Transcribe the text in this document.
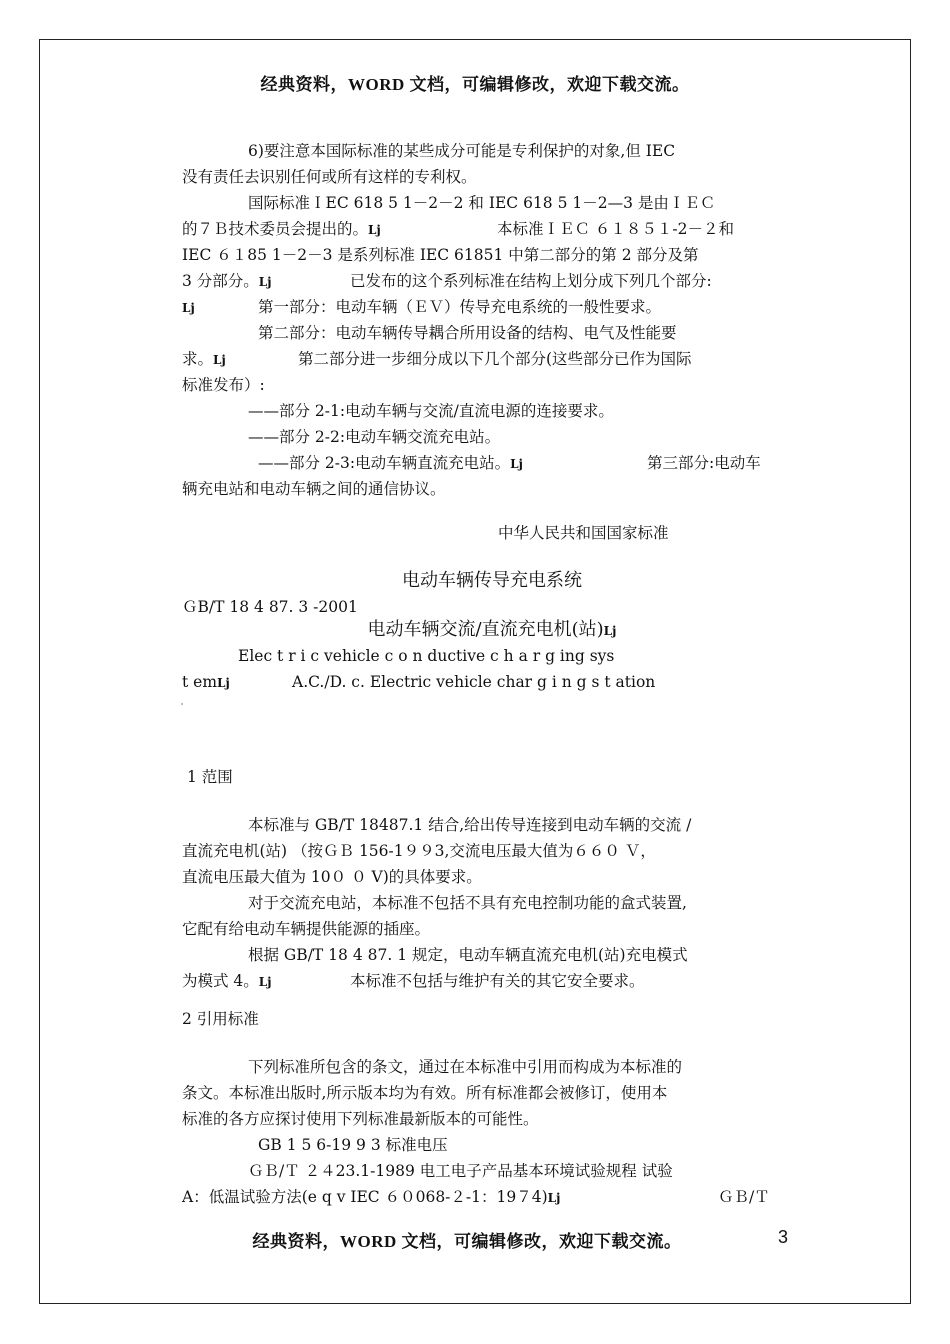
经典资料，WORD 文档，可编辑修改，欢迎下载交流。
6)要注意本国际标准的某些成分可能是专利保护的对象,但 IEC
没有责任去识别任何或所有这样的专利权。
国际标准ＩEC 618 5 1－2－2 和 IEC 618 5 1－2—3 是由ＩＥＣ
的７Ｂ技术委员会提出的。ǈ	本标准ＩＥＣ ６１８５１-2－２和
IEC ６１85 1－2－3 是系列标准 IEC 61851 中第二部分的第 2 部分及第
3 分部分。ǈ	已发布的这个系列标准在结构上划分成下列几个部分:
ǈ	第一部分：电动车辆（ＥＶ）传导充电系统的一般性要求。
第二部分：电动车辆传导耦合所用设备的结构、电气及性能要
求。ǈ	第二部分进一步细分成以下几个部分(这些部分已作为国际
标准发布）:
——部分 2-1:电动车辆与交流/直流电源的连接要求。
——部分 2-2:电动车辆交流充电站。
——部分 2-3:电动车辆直流充电站。ǈ	第三部分:电动车
辆充电站和电动车辆之间的通信协议。
中华人民共和国国家标准
电动车辆传导充电系统
ＧB/T 18 4 87. 3 -2001
电动车辆交流/直流充电机(站)ǈ
Elec t r i c vehicle c o n ductive c h a r g ing sys
t emǈ	A.C./D. c. Electric vehicle char g i n g s t ation
1 范围
本标准与 GB/T 18487.1 结合,给出传导连接到电动车辆的交流 /
直流充电机(站) （按ＧＢ 156-1９９3,交流电压最大值为６６０ Ｖ，
直流电压最大值为 10０ ０ V)的具体要求。
对于交流充电站，本标准不包括不具有充电控制功能的盒式装置,
它配有给电动车辆提供能源的插座。
根据 GB/T 18 4 87. 1 规定，电动车辆直流充电机(站)充电模式
为模式 4。ǈ	本标准不包括与维护有关的其它安全要求。
2 引用标准
下列标准所包含的条文，通过在本标准中引用而构成为本标准的
条文。本标准出版时,所示版本均为有效。所有标准都会被修订，使用本
标准的各方应探讨使用下列标准最新版本的可能性。
GB 1 5 6-19 9 3 标准电压
ＧＢ/Ｔ ２４23.1-1989 电工电子产品基本环境试验规程 试验
A：低温试验方法(e q v IEC ６０068-２-1：19７4)ǈ	ＧＢ/Ｔ
经典资料，WORD 文档，可编辑修改，欢迎下载交流。	3
